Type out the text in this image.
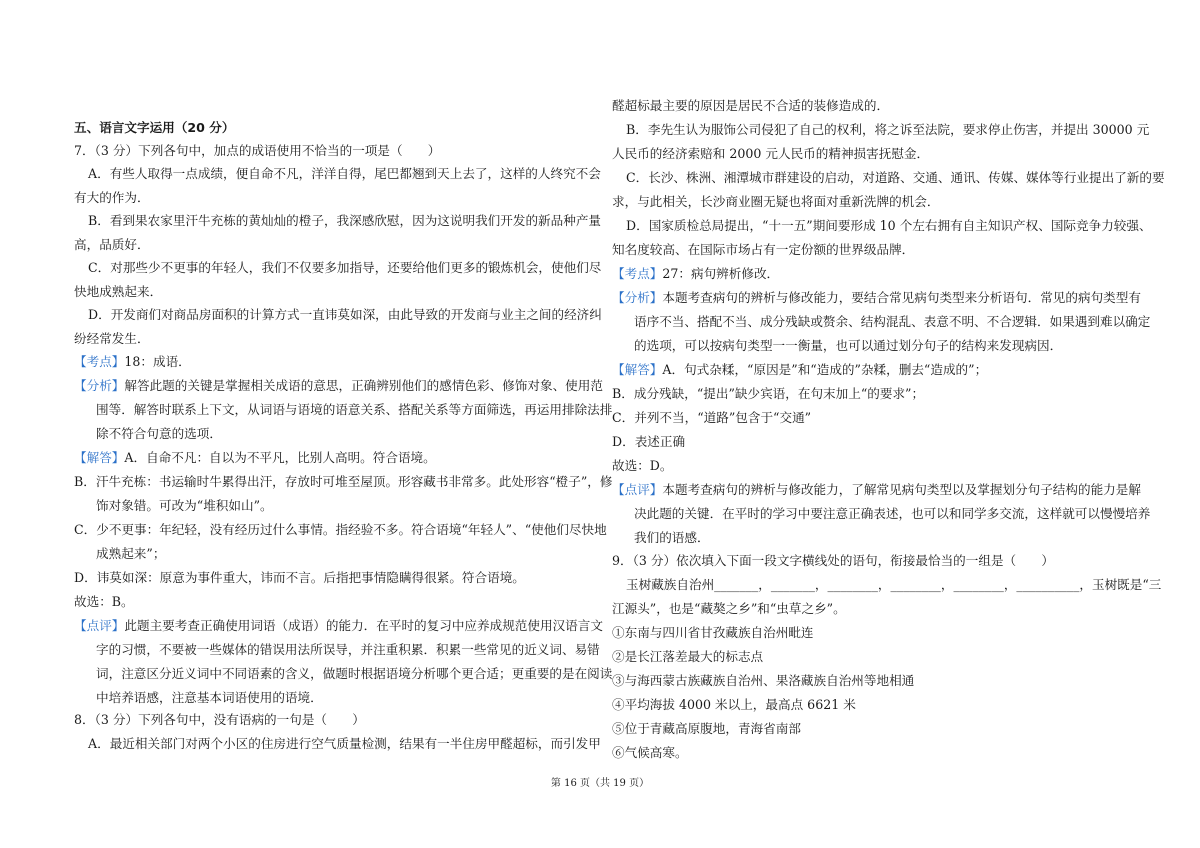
五、语言文字运用（20 分）
7．（3 分）下列各句中，加点的成语使用不恰当的一项是（　　）
A．有些人取得一点成绩，便自命不凡，洋洋自得，尾巴都翘到天上去了，这样的人终究不会
有大的作为．
B．看到果农家里汗牛充栋的黄灿灿的橙子，我深感欣慰，因为这说明我们开发的新品种产量
高，品质好．
C．对那些少不更事的年轻人，我们不仅要多加指导，还要给他们更多的锻炼机会，使他们尽
快地成熟起来．
D．开发商们对商品房面积的计算方式一直讳莫如深，由此导致的开发商与业主之间的经济纠
纷经常发生．
【考点】18：成语．
【分析】解答此题的关键是掌握相关成语的意思，正确辨别他们的感情色彩、修饰对象、使用范
围等．解答时联系上下文，从词语与语境的语意关系、搭配关系等方面筛选，再运用排除法排
除不符合句意的选项．
【解答】A．自命不凡：自以为不平凡，比别人高明。符合语境。
B．汗牛充栋：书运输时牛累得出汗，存放时可堆至屋顶。形容藏书非常多。此处形容“橙子”，修
饰对象错。可改为“堆积如山”。
C．少不更事：年纪轻，没有经历过什么事情。指经验不多。符合语境“年轻人”、“使他们尽快地
成熟起来”；
D．讳莫如深：原意为事件重大，讳而不言。后指把事情隐瞒得很紧。符合语境。
故选：B。
【点评】此题主要考查正确使用词语（成语）的能力．在平时的复习中应养成规范使用汉语言文
字的习惯，不要被一些媒体的错误用法所误导，并注重积累．积累一些常见的近义词、易错
词，注意区分近义词中不同语素的含义，做题时根据语境分析哪个更合适；更重要的是在阅读
中培养语感，注意基本词语使用的语境．
8．（3 分）下列各句中，没有语病的一句是（　　）
A．最近相关部门对两个小区的住房进行空气质量检测，结果有一半住房甲醛超标，而引发甲
醛超标最主要的原因是居民不合适的装修造成的．
B．李先生认为服饰公司侵犯了自己的权利，将之诉至法院，要求停止伤害，并提出 30000 元
人民币的经济索赔和 2000 元人民币的精神损害抚慰金．
C．长沙、株洲、湘潭城市群建设的启动，对道路、交通、通讯、传媒、媒体等行业提出了新的要
求，与此相关，长沙商业圈无疑也将面对重新洗牌的机会．
D．国家质检总局提出，“十一五”期间要形成 10 个左右拥有自主知识产权、国际竞争力较强、
知名度较高、在国际市场占有一定份额的世界级品牌．
【考点】27：病句辨析修改．
【分析】本题考查病句的辨析与修改能力，要结合常见病句类型来分析语句．常见的病句类型有
语序不当、搭配不当、成分残缺或赘余、结构混乱、表意不明、不合逻辑．如果遇到难以确定
的选项，可以按病句类型一一衡量，也可以通过划分句子的结构来发现病因．
【解答】A．句式杂糅，“原因是”和“造成的”杂糅，删去“造成的”；
B．成分残缺，“提出”缺少宾语，在句末加上“的要求”；
C．并列不当，“道路”包含于“交通”
D．表述正确
故选：D。
【点评】本题考查病句的辨析与修改能力，了解常见病句类型以及掌握划分句子结构的能力是解
决此题的关键．在平时的学习中要注意正确表述，也可以和同学多交流，这样就可以慢慢培养
我们的语感．
9．（3 分）依次填入下面一段文字横线处的语句，衔接最恰当的一组是（　　）
玉树藏族自治州_______，_______，________，________，________，__________，玉树既是“三
江源头”，也是“藏獒之乡”和“虫草之乡”。
①东南与四川省甘孜藏族自治州毗连
②是长江落差最大的标志点
③与海西蒙古族藏族自治州、果洛藏族自治州等地相通
④平均海拔 4000 米以上，最高点 6621 米
⑤位于青藏高原腹地，青海省南部
⑥气候高寒。
第 16 页（共 19 页）
